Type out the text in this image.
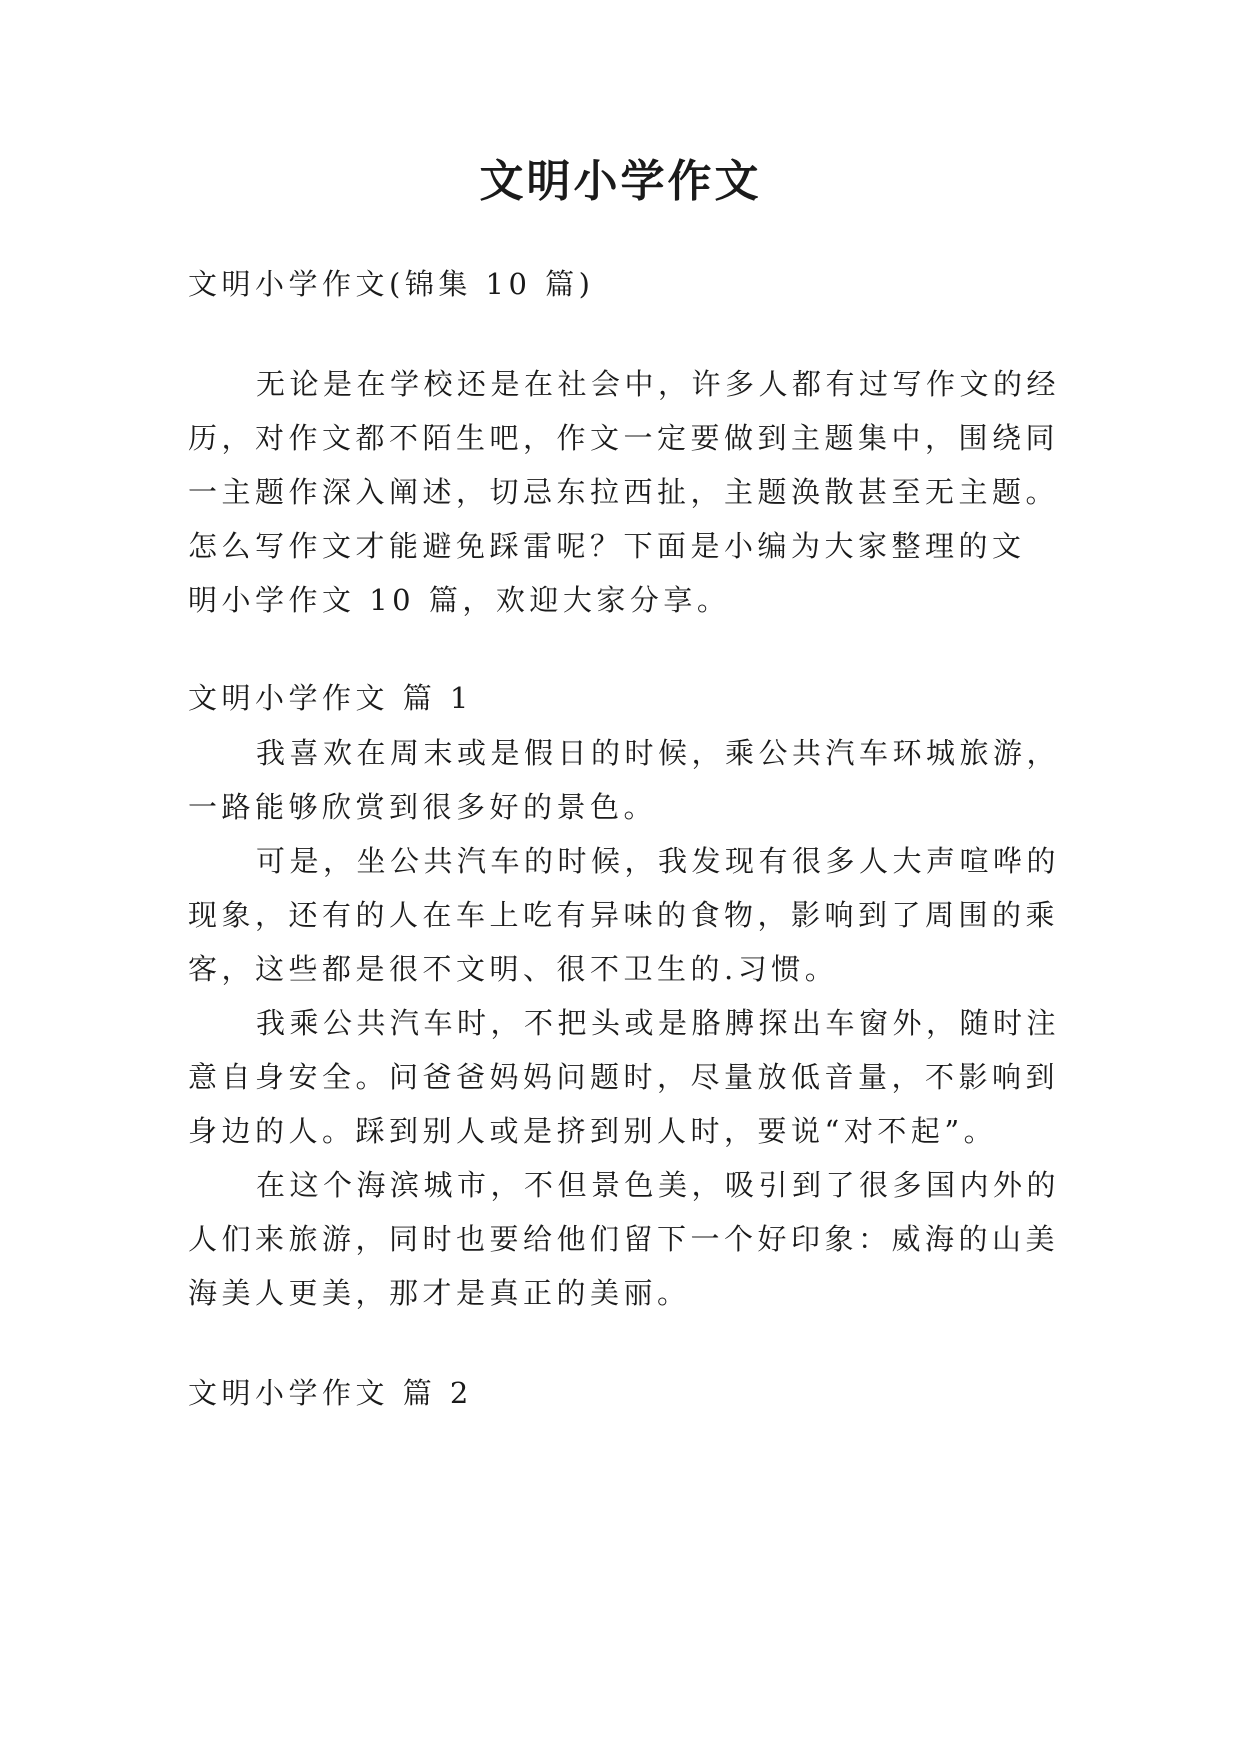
文明小学作文
文明小学作文(锦集 10 篇)
无论是在学校还是在社会中，许多人都有过写作文的经
历，对作文都不陌生吧，作文一定要做到主题集中，围绕同
一主题作深入阐述，切忌东拉西扯，主题涣散甚至无主题。
怎么写作文才能避免踩雷呢？下面是小编为大家整理的文
明小学作文 10 篇，欢迎大家分享。
文明小学作文 篇 1
我喜欢在周末或是假日的时候，乘公共汽车环城旅游，
一路能够欣赏到很多好的景色。
可是，坐公共汽车的时候，我发现有很多人大声喧哗的
现象，还有的人在车上吃有异味的食物，影响到了周围的乘
客，这些都是很不文明、很不卫生的.习惯。
我乘公共汽车时，不把头或是胳膊探出车窗外，随时注
意自身安全。问爸爸妈妈问题时，尽量放低音量，不影响到
身边的人。踩到别人或是挤到别人时，要说“对不起”。
在这个海滨城市，不但景色美，吸引到了很多国内外的
人们来旅游，同时也要给他们留下一个好印象：威海的山美
海美人更美，那才是真正的美丽。
文明小学作文 篇 2
